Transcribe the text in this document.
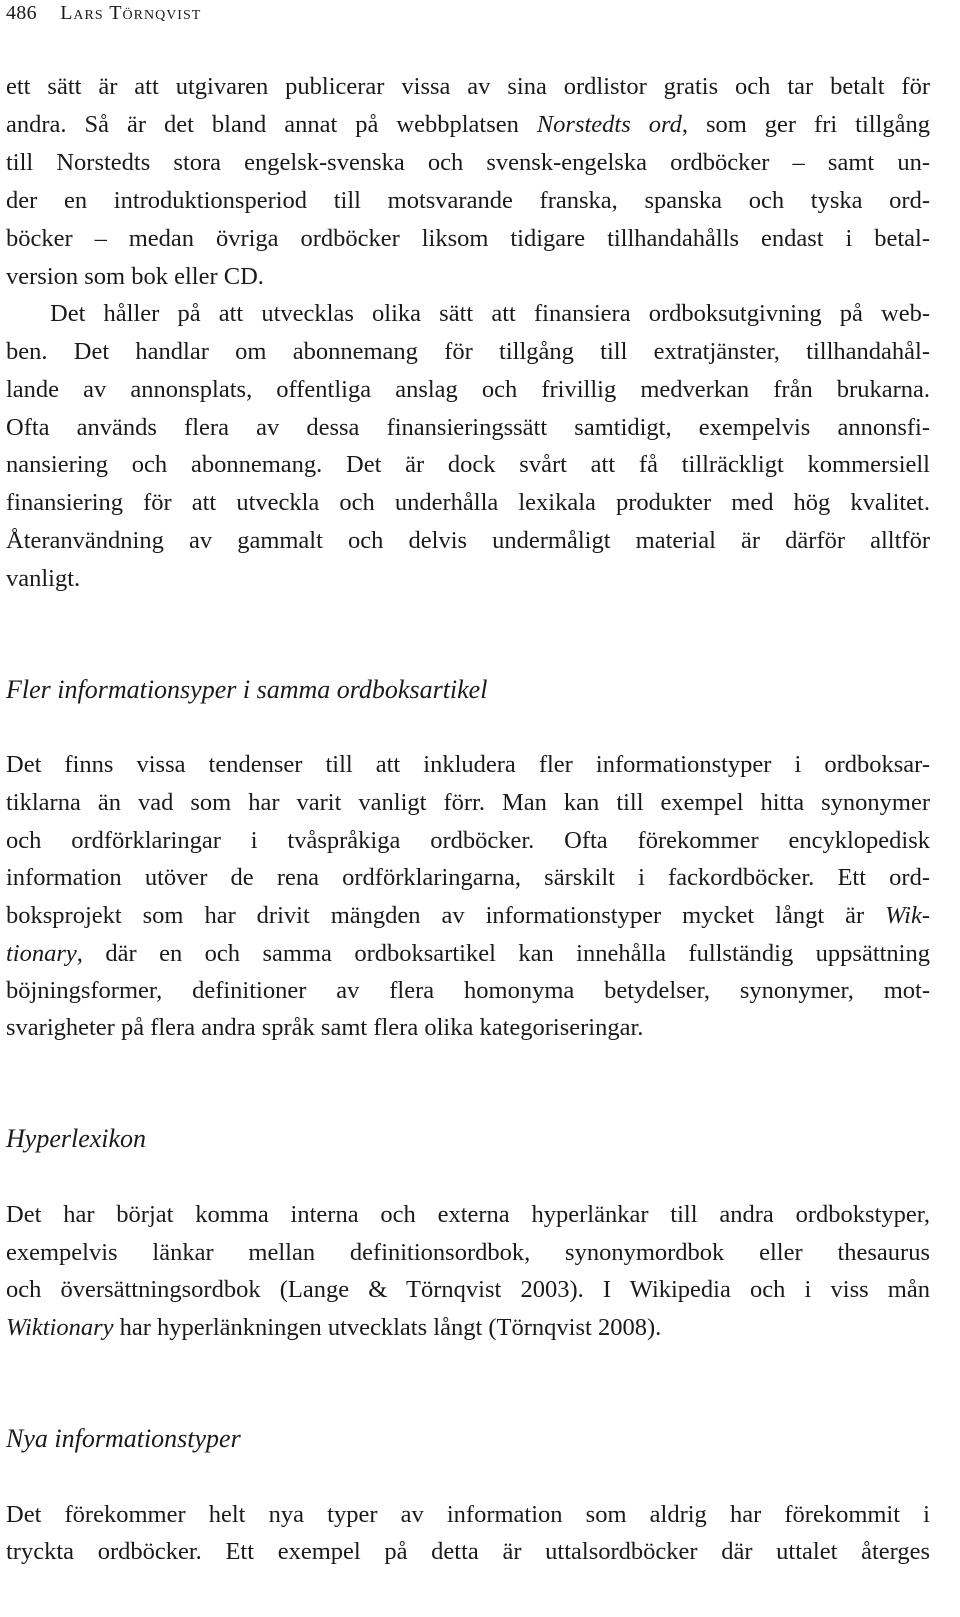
486 Lars Törnqvist
ett sätt är att utgivaren publicerar vissa av sina ordlistor gratis och tar betalt för
andra. Så är det bland annat på webbplatsen Norstedts ord, som ger fri tillgång
till Norstedts stora engelsk-svenska och svensk-engelska ordböcker – samt un-
der en introduktionsperiod till motsvarande franska, spanska och tyska ord-
böcker – medan övriga ordböcker liksom tidigare tillhandahålls endast i betal-
version som bok eller CD.
Det håller på att utvecklas olika sätt att finansiera ordboksutgivning på web-
ben. Det handlar om abonnemang för tillgång till extratjänster, tillhandahål-
lande av annonsplats, offentliga anslag och frivillig medverkan från brukarna.
Ofta används flera av dessa finansieringssätt samtidigt, exempelvis annonsfi-
nansiering och abonnemang. Det är dock svårt att få tillräckligt kommersiell
finansiering för att utveckla och underhålla lexikala produkter med hög kvalitet.
Återanvändning av gammalt och delvis undermåligt material är därför alltför
vanligt.
Fler informationsyper i samma ordboksartikel
Det finns vissa tendenser till att inkludera fler informationstyper i ordboksar-
tiklarna än vad som har varit vanligt förr. Man kan till exempel hitta synonymer
och ordförklaringar i tvåspråkiga ordböcker. Ofta förekommer encyklopedisk
information utöver de rena ordförklaringarna, särskilt i fackordböcker. Ett ord-
boksprojekt som har drivit mängden av informationstyper mycket långt är Wik-
tionary, där en och samma ordboksartikel kan innehålla fullständig uppsättning
böjningsformer, definitioner av flera homonyma betydelser, synonymer, mot-
svarigheter på flera andra språk samt flera olika kategoriseringar.
Hyperlexikon
Det har börjat komma interna och externa hyperlänkar till andra ordbokstyper,
exempelvis länkar mellan definitionsordbok, synonymordbok eller thesaurus
och översättningsordbok (Lange & Törnqvist 2003). I Wikipedia och i viss mån
Wiktionary har hyperlänkningen utvecklats långt (Törnqvist 2008).
Nya informationstyper
Det förekommer helt nya typer av information som aldrig har förekommit i
tryckta ordböcker. Ett exempel på detta är uttalsordböcker där uttalet återges
